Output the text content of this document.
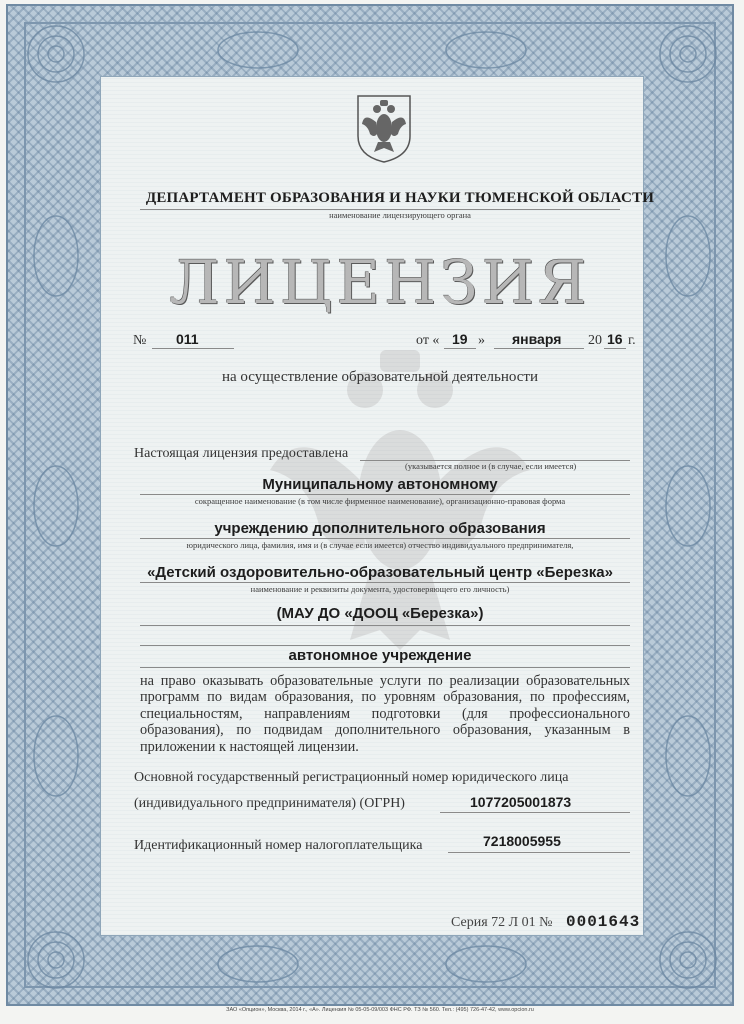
ДЕПАРТАМЕНТ ОБРАЗОВАНИЯ И НАУКИ ТЮМЕНСКОЙ ОБЛАСТИ
наименование лицензирующего органа
ЛИЦЕНЗИЯ
№ 011	от « 19 » января 20 16 г.
на осуществление образовательной деятельности
Настоящая лицензия предоставлена
(указывается полное и (в случае, если имеется)
Муниципальному автономному
сокращенное наименование (в том числе фирменное наименование), организационно-правовая форма
учреждению дополнительного образования
юридического лица, фамилия, имя и (в случае если имеется) отчество индивидуального предпринимателя,
«Детский оздоровительно-образовательный центр «Березка»
наименование и реквизиты документа, удостоверяющего его личность)
(МАУ ДО «ДООЦ «Березка»)
автономное учреждение
на право оказывать образовательные услуги по реализации образовательных программ по видам образования, по уровням образования, по профессиям, специальностям, направлениям подготовки (для профессионального образования), по подвидам дополнительного образования, указанным в приложении к настоящей лицензии.
Основной государственный регистрационный номер юридического лица
(индивидуального предпринимателя) (ОГРН)	1077205001873
Идентификационный номер налогоплательщика	7218005955
Серия 72 Л 01 № 0001643
ЗАО «Опцион», Москва, 2014 г., «А». Лицензия № 05-05-09/003 ФНС РФ. ТЗ № 560. Тел.: (495) 726-47-42, www.opcion.ru
